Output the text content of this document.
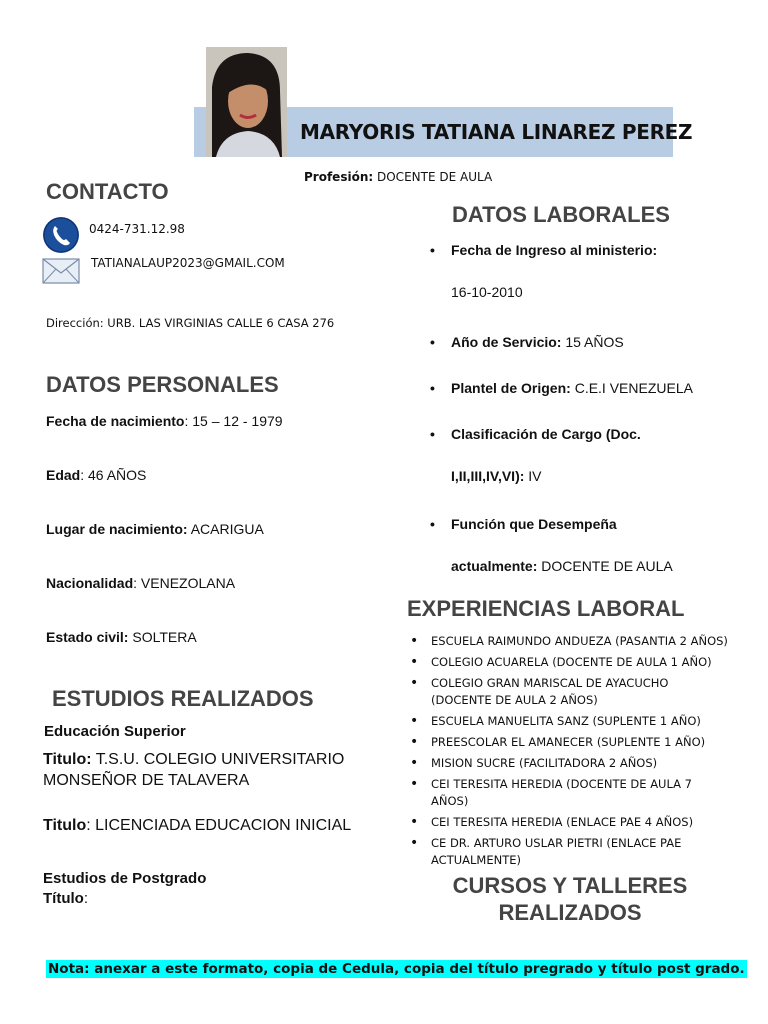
MARYORIS TATIANA LINAREZ PEREZ
Profesión: DOCENTE DE AULA
CONTACTO
0424-731.12.98
TATIANALAUP2023@GMAIL.COM
Dirección: URB. LAS VIRGINIAS CALLE 6 CASA 276
DATOS PERSONALES
Fecha de nacimiento: 15 – 12 - 1979
Edad: 46 AÑOS
Lugar de nacimiento: ACARIGUA
Nacionalidad: VENEZOLANA
Estado civil: SOLTERA
ESTUDIOS REALIZADOS
Educación Superior
Titulo: T.S.U. COLEGIO UNIVERSITARIO
MONSEÑOR DE TALAVERA
Titulo: LICENCIADA EDUCACION INICIAL
Estudios de Postgrado
Título:
DATOS LABORALES
• Fecha de Ingreso al ministerio:
16-10-2010
• Año de Servicio: 15 AÑOS
• Plantel de Origen: C.E.I VENEZUELA
• Clasificación de Cargo (Doc.
I,II,III,IV,VI): IV
• Función que Desempeña
actualmente: DOCENTE DE AULA
EXPERIENCIAS LABORAL
• ESCUELA RAIMUNDO ANDUEZA (PASANTIA 2 AÑOS)
• COLEGIO ACUARELA (DOCENTE DE AULA 1 AÑO)
• COLEGIO GRAN MARISCAL DE AYACUCHO (DOCENTE DE AULA 2 AÑOS)
• ESCUELA MANUELITA SANZ (SUPLENTE 1 AÑO)
• PREESCOLAR EL AMANECER (SUPLENTE 1 AÑO)
• MISION SUCRE (FACILITADORA 2 AÑOS)
• CEI TERESITA HEREDIA (DOCENTE DE AULA 7 AÑOS)
• CEI TERESITA HEREDIA (ENLACE PAE 4 AÑOS)
• CE DR. ARTURO USLAR PIETRI (ENLACE PAE ACTUALMENTE)
CURSOS Y TALLERES
REALIZADOS
Nota: anexar a este formato, copia de Cedula, copia del título pregrado y título post grado.
